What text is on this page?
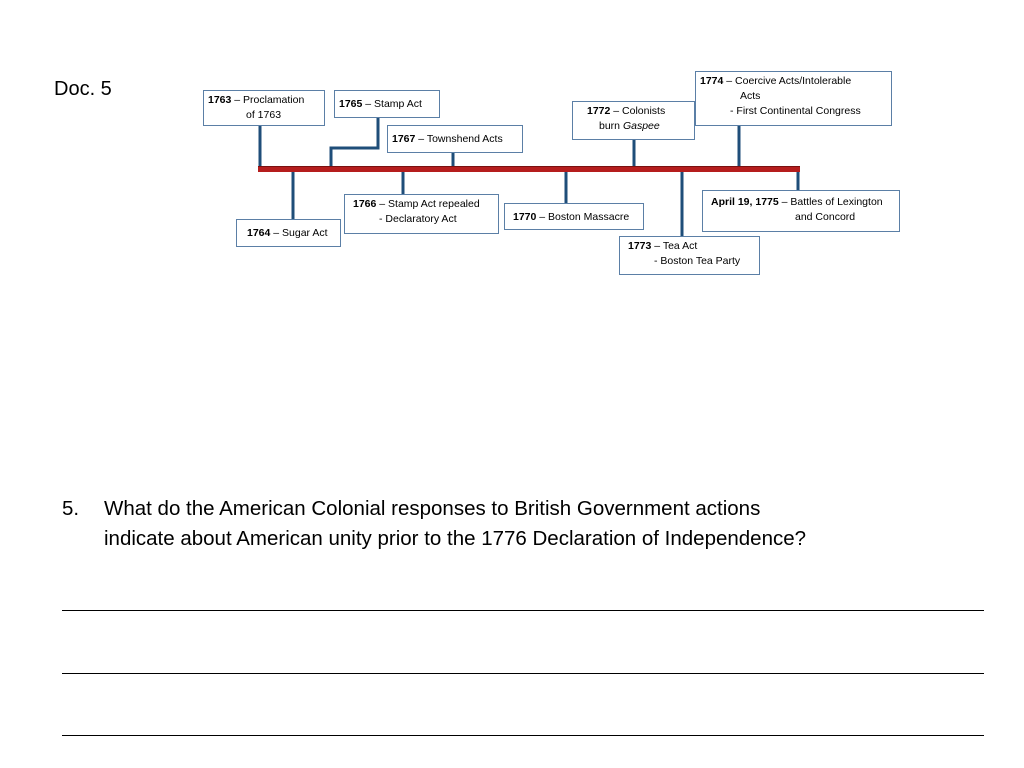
Doc. 5	1763 – Proclamation
of 1763
1765 – Stamp Act
1767 – Townshend Acts
1772 – Colonists
burn Gaspee
1774 – Coercive Acts/Intolerable
Acts
- First Continental Congress
1764 – Sugar Act
1766 – Stamp Act repealed
- Declaratory Act	1770 – Boston Massacre
1773 – Tea Act
- Boston Tea Party
April 19, 1775 – Battles of Lexington
and Concord
5. What do the American Colonial responses to British Government actions
indicate about American unity prior to the 1776 Declaration of Independence?
